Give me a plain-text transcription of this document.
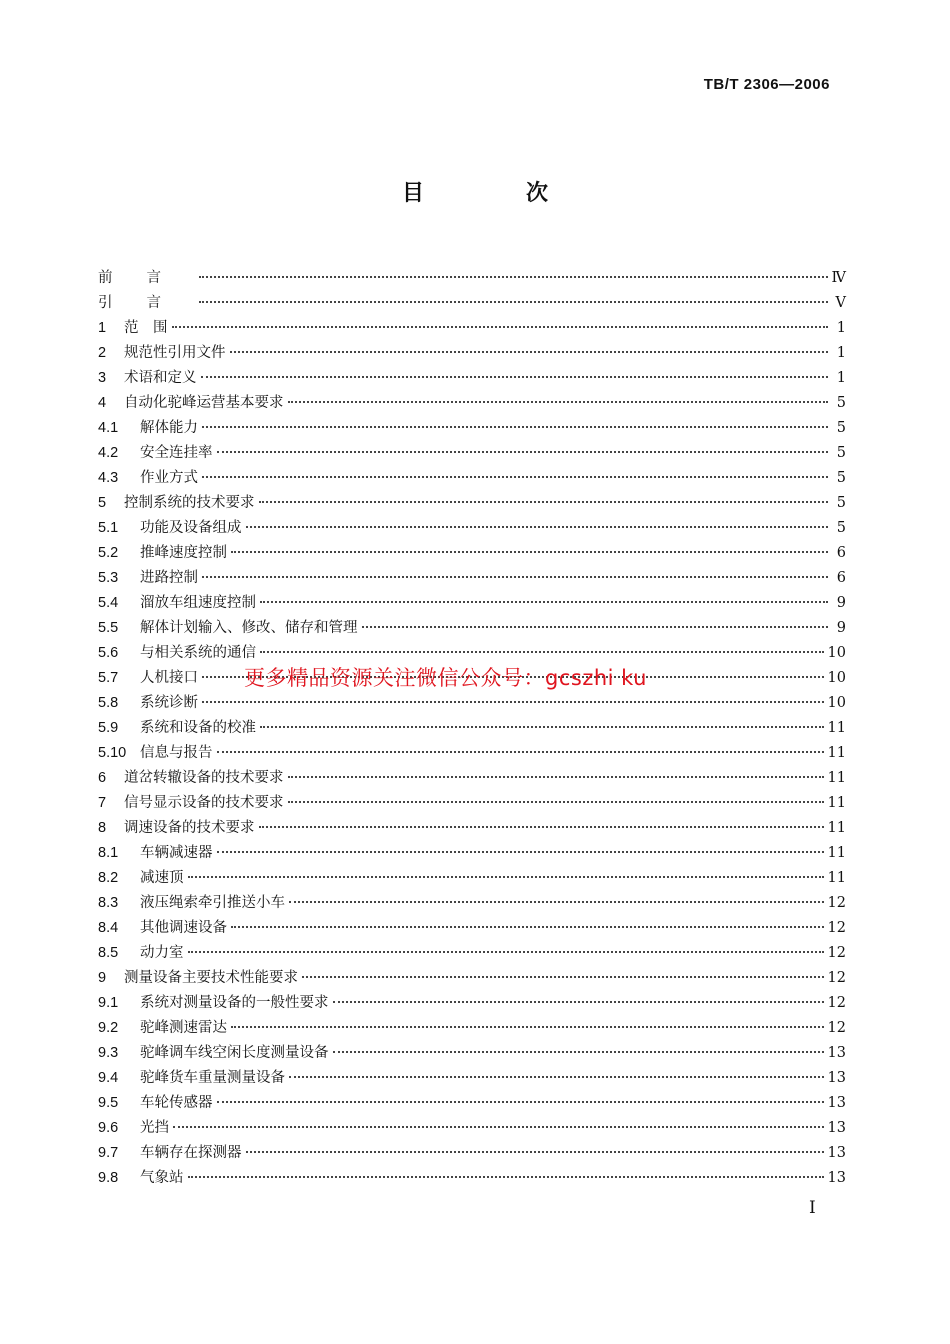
TB/T 2306—2006
目　次
前言	Ⅳ
引言	Ⅴ
1	范　围	1
2	规范性引用文件	1
3	术语和定义	1
4	自动化驼峰运营基本要求	5
4.1	解体能力	5
4.2	安全连挂率	5
4.3	作业方式	5
5	控制系统的技术要求	5
5.1	功能及设备组成	5
5.2	推峰速度控制	6
5.3	进路控制	6
5.4	溜放车组速度控制	9
5.5	解体计划输入、修改、储存和管理	9
5.6	与相关系统的通信	10
5.7	人机接口	10
5.8	系统诊断	10
5.9	系统和设备的校准	11
5.10 信息与报告	11
6	道岔转辙设备的技术要求	11
7	信号显示设备的技术要求	11
8	调速设备的技术要求	11
8.1	车辆减速器	11
8.2	减速顶	11
8.3	液压绳索牵引推送小车	12
8.4	其他调速设备	12
8.5	动力室	12
9	测量设备主要技术性能要求	12
9.1	系统对测量设备的一般性要求	12
9.2	驼峰测速雷达	12
9.3	驼峰调车线空闲长度测量设备	13
9.4	驼峰货车重量测量设备	13
9.5	车轮传感器	13
9.6	光挡	13
9.7	车辆存在探测器	13
9.8	气象站	13
更多精品资源关注微信公众号：gcszhi ku
Ⅰ
